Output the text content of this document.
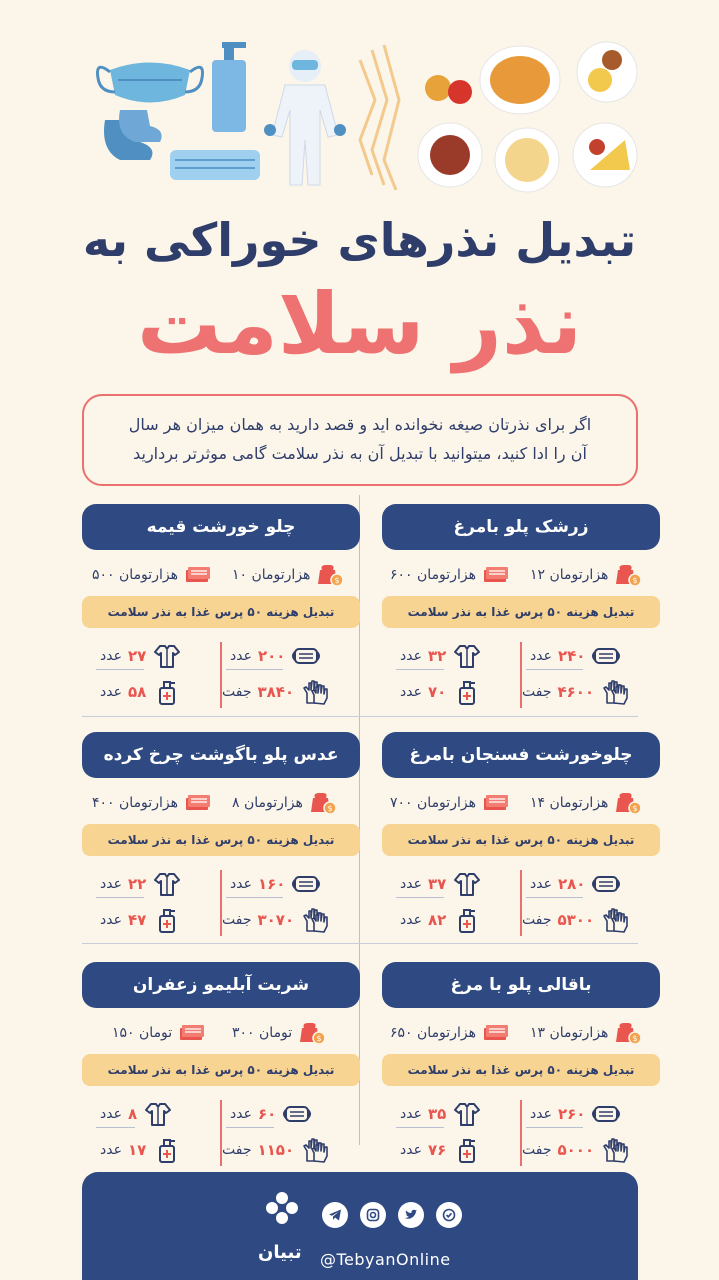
تبدیل نذرهای خوراکی به
نذر سلامت
اگر برای نذرتان صیغه نخوانده اید و قصد دارید به همان میزان هر سال
آن را ادا کنید، میتوانید با تبدیل آن به نذر سلامت گامی موثرتر بردارید
زرشک پلو بامرغ
۱۲ هزارتومان
۶۰۰ هزارتومان
تبدیل هزینه ۵۰ پرس غذا به نذر سلامت
عدد ۲۴۰
عدد ۳۲
جفت ۴۶۰۰
عدد ۷۰
چلو خورشت قیمه
۱۰ هزارتومان
۵۰۰ هزارتومان
تبدیل هزینه ۵۰ پرس غذا به نذر سلامت
عدد ۲۰۰
عدد ۲۷
جفت ۳۸۴۰
عدد ۵۸
چلوخورشت فسنجان بامرغ
۱۴ هزارتومان
۷۰۰ هزارتومان
تبدیل هزینه ۵۰ پرس غذا به نذر سلامت
عدد ۲۸۰
عدد ۳۷
جفت ۵۳۰۰
عدد ۸۲
عدس پلو باگوشت چرخ کرده
۸ هزارتومان
۴۰۰ هزارتومان
تبدیل هزینه ۵۰ پرس غذا به نذر سلامت
عدد ۱۶۰
عدد ۲۲
جفت ۳۰۷۰
عدد ۴۷
باقالی پلو با مرغ
۱۳ هزارتومان
۶۵۰ هزارتومان
تبدیل هزینه ۵۰ پرس غذا به نذر سلامت
عدد ۲۶۰
عدد ۳۵
جفت ۵۰۰۰
عدد ۷۶
شربت آبلیمو زعفران
۳۰۰ تومان
۱۵۰ تومان
تبدیل هزینه ۵۰ پرس غذا به نذر سلامت
عدد ۶۰
عدد ۸
جفت ۱۱۵۰
عدد ۱۷
تبیان @TebyanOnline
